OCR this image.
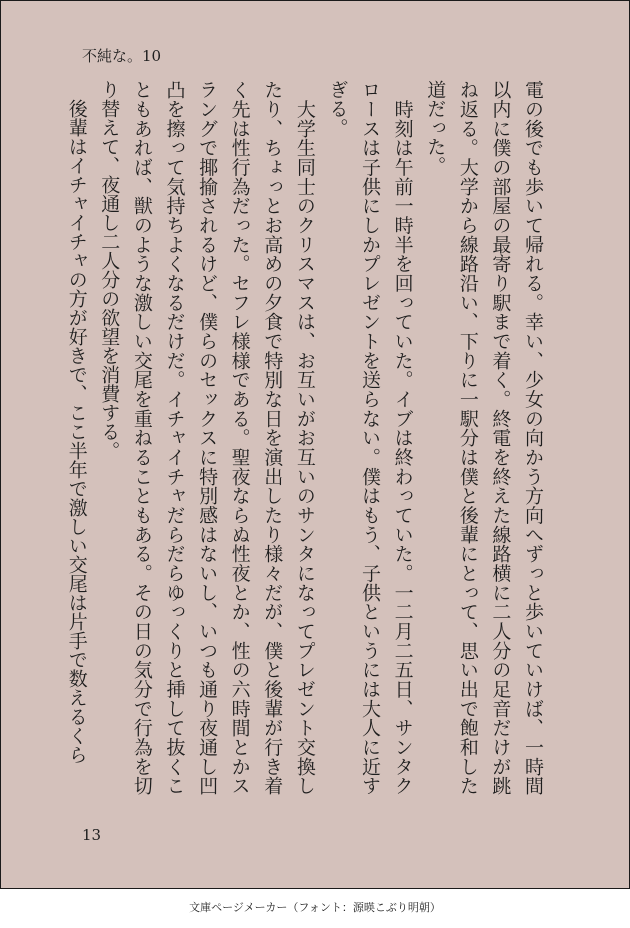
不純な。10
電の後でも歩いて帰れる。幸い、少女の向かう方向へずっと歩いていけば、一時間以内に僕の部屋の最寄り駅まで着く。終電を終えた線路横に二人分の足音だけが跳ね返る。大学から線路沿い、下りに一駅分は僕と後輩にとって、思い出で飽和した道だった。
　時刻は午前一時半を回っていた。イブは終わっていた。一二月二五日、サンタクロースは子供にしかプレゼントを送らない。僕はもう、子供というには大人に近すぎる。
　大学生同士のクリスマスは、お互いがお互いのサンタになってプレゼント交換したり、ちょっとお高めの夕食で特別な日を演出したり様々だが、僕と後輩が行き着く先は性行為だった。セフレ様様である。聖夜ならぬ性夜とか、性の六時間とかスラングで揶揄されるけど、僕らのセックスに特別感はないし、いつも通り夜通し凹凸を擦って気持ちよくなるだけだ。イチャイチャだらだらゆっくりと挿して抜くこともあれば、獣のような激しい交尾を重ねることもある。その日の気分で行為を切り替えて、夜通し二人分の欲望を消費する。
　後輩はイチャイチャの方が好きで、ここ半年で激しい交尾は片手で数えるくら
13
文庫ページメーカー（フォント：源暎こぶり明朝）
